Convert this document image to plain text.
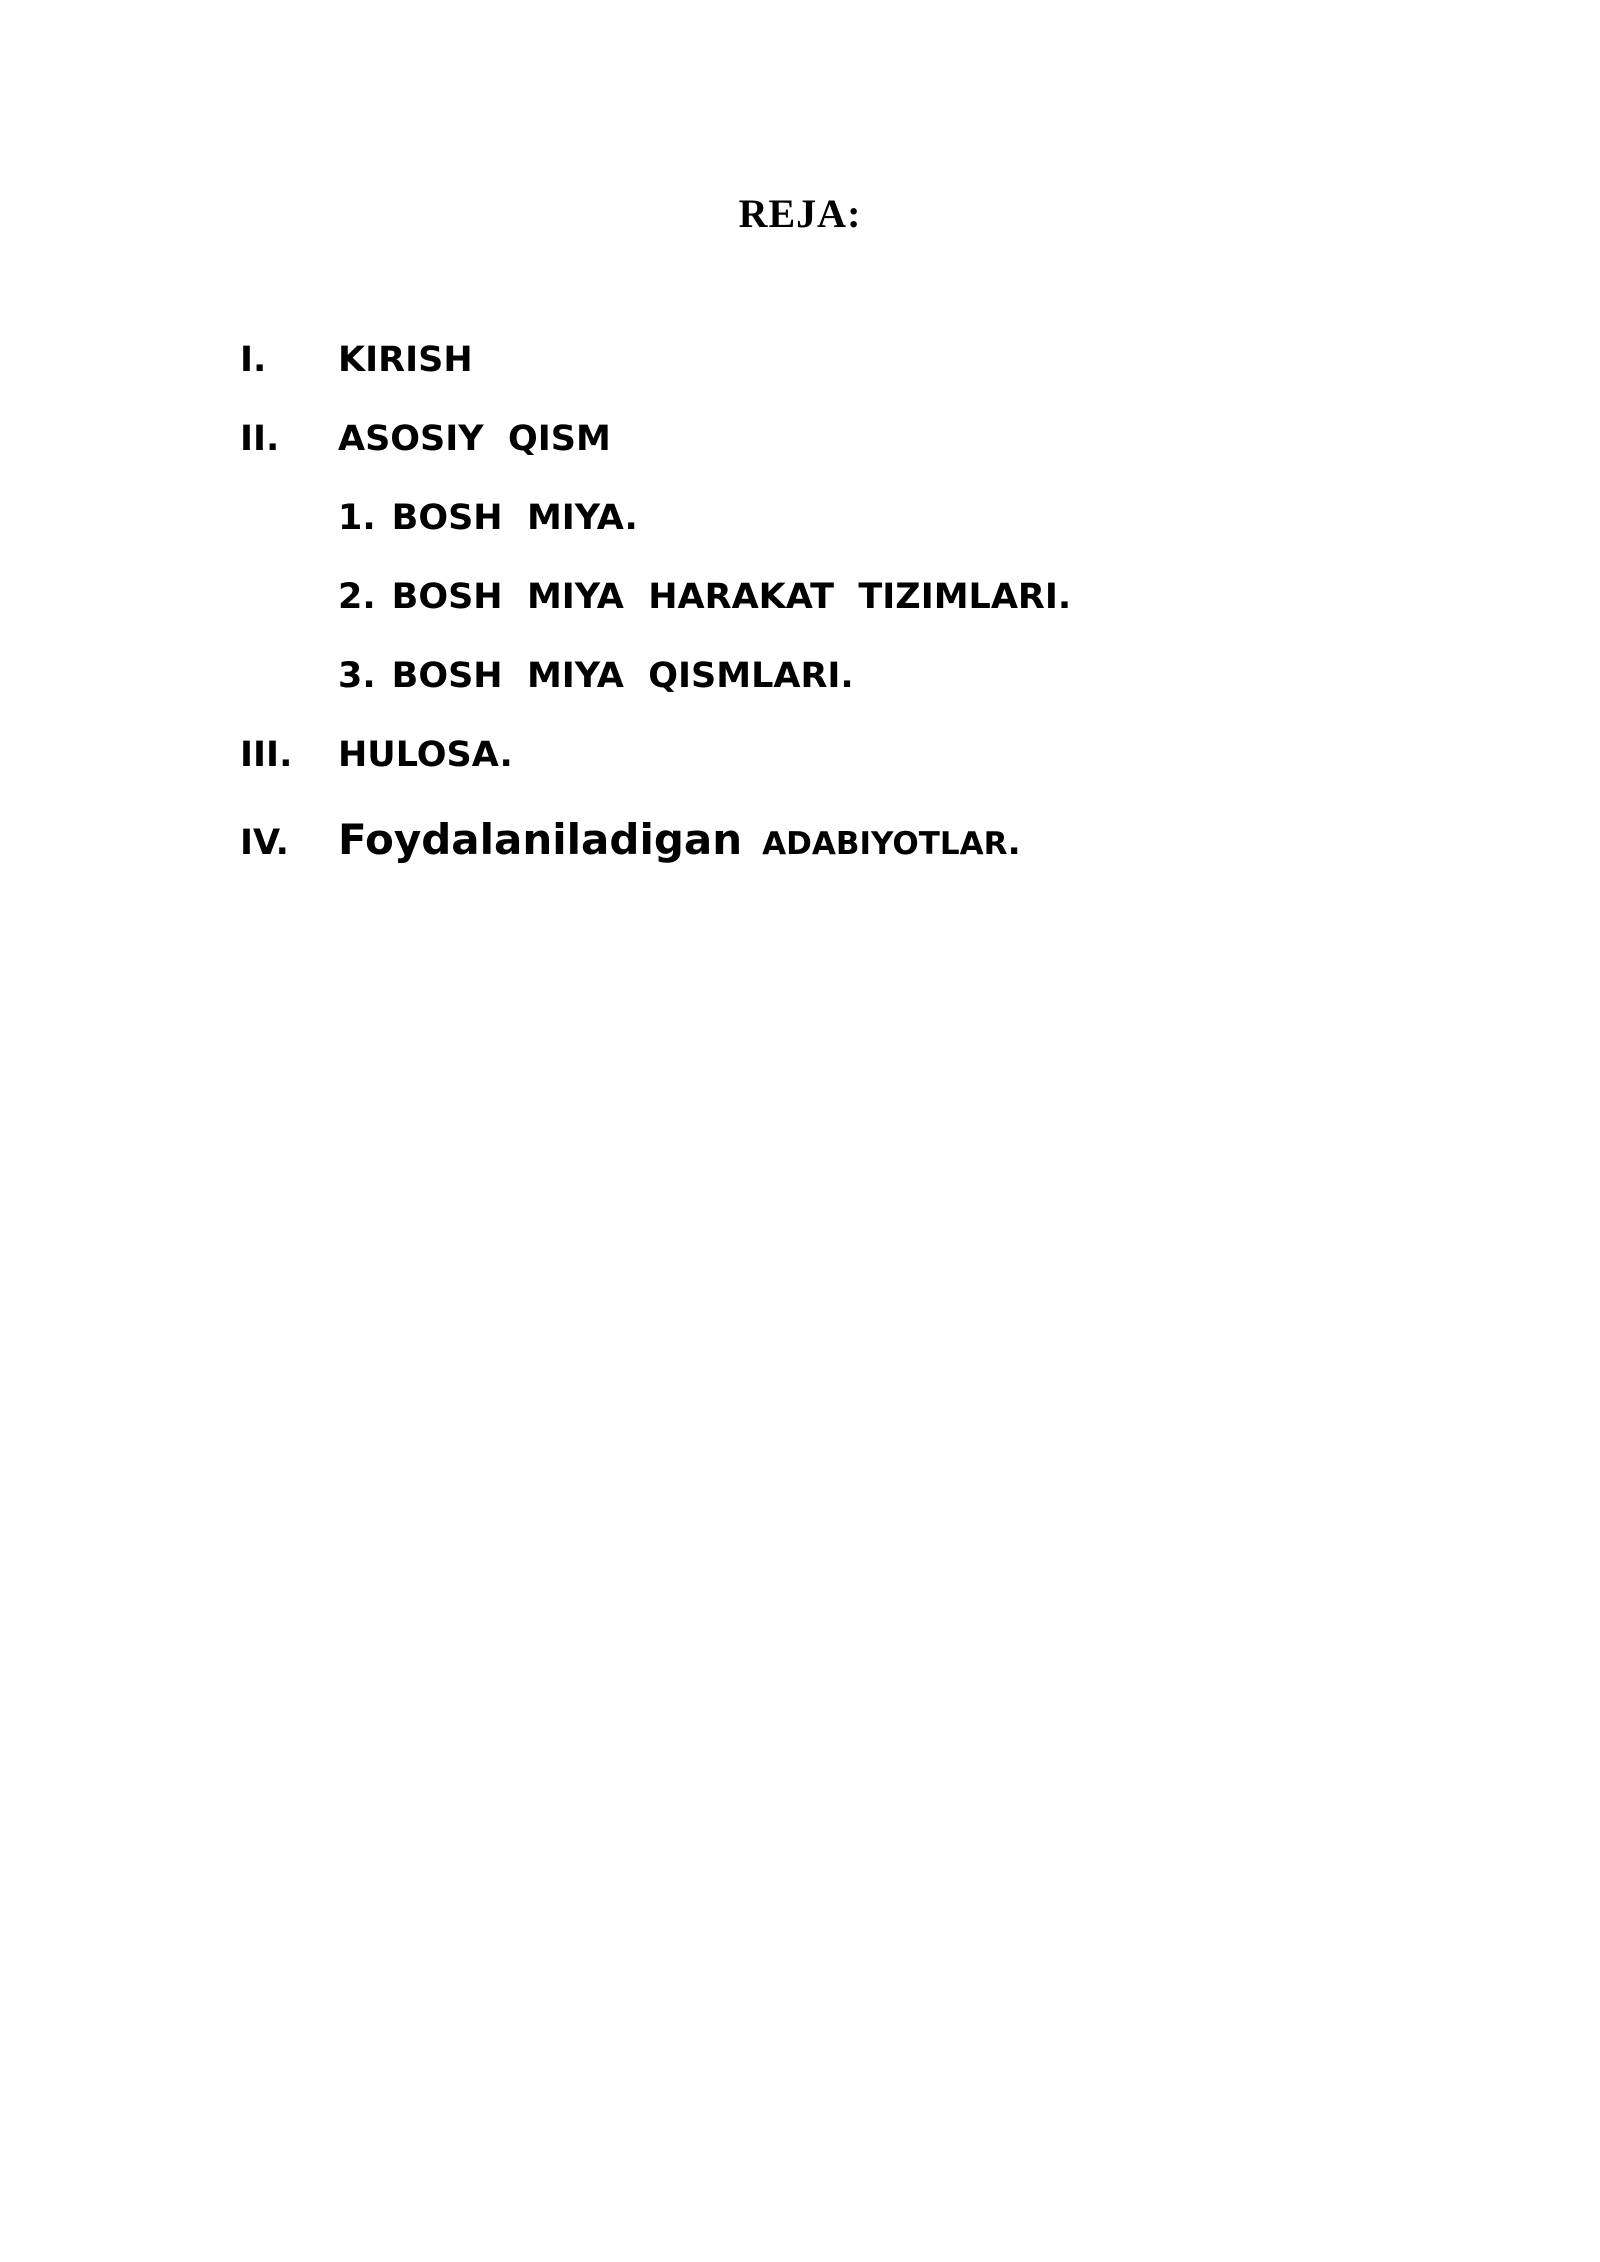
REJA:
I.	KIRISH
II.	ASOSIY  QISM
1. BOSH  MIYA.
2. BOSH  MIYA  HARAKAT  TIZIMLARI.
3. BOSH  MIYA  QISMLARI.
III.	HULOSA.
IV.	Foydalaniladigan ADABIYOTLAR .
